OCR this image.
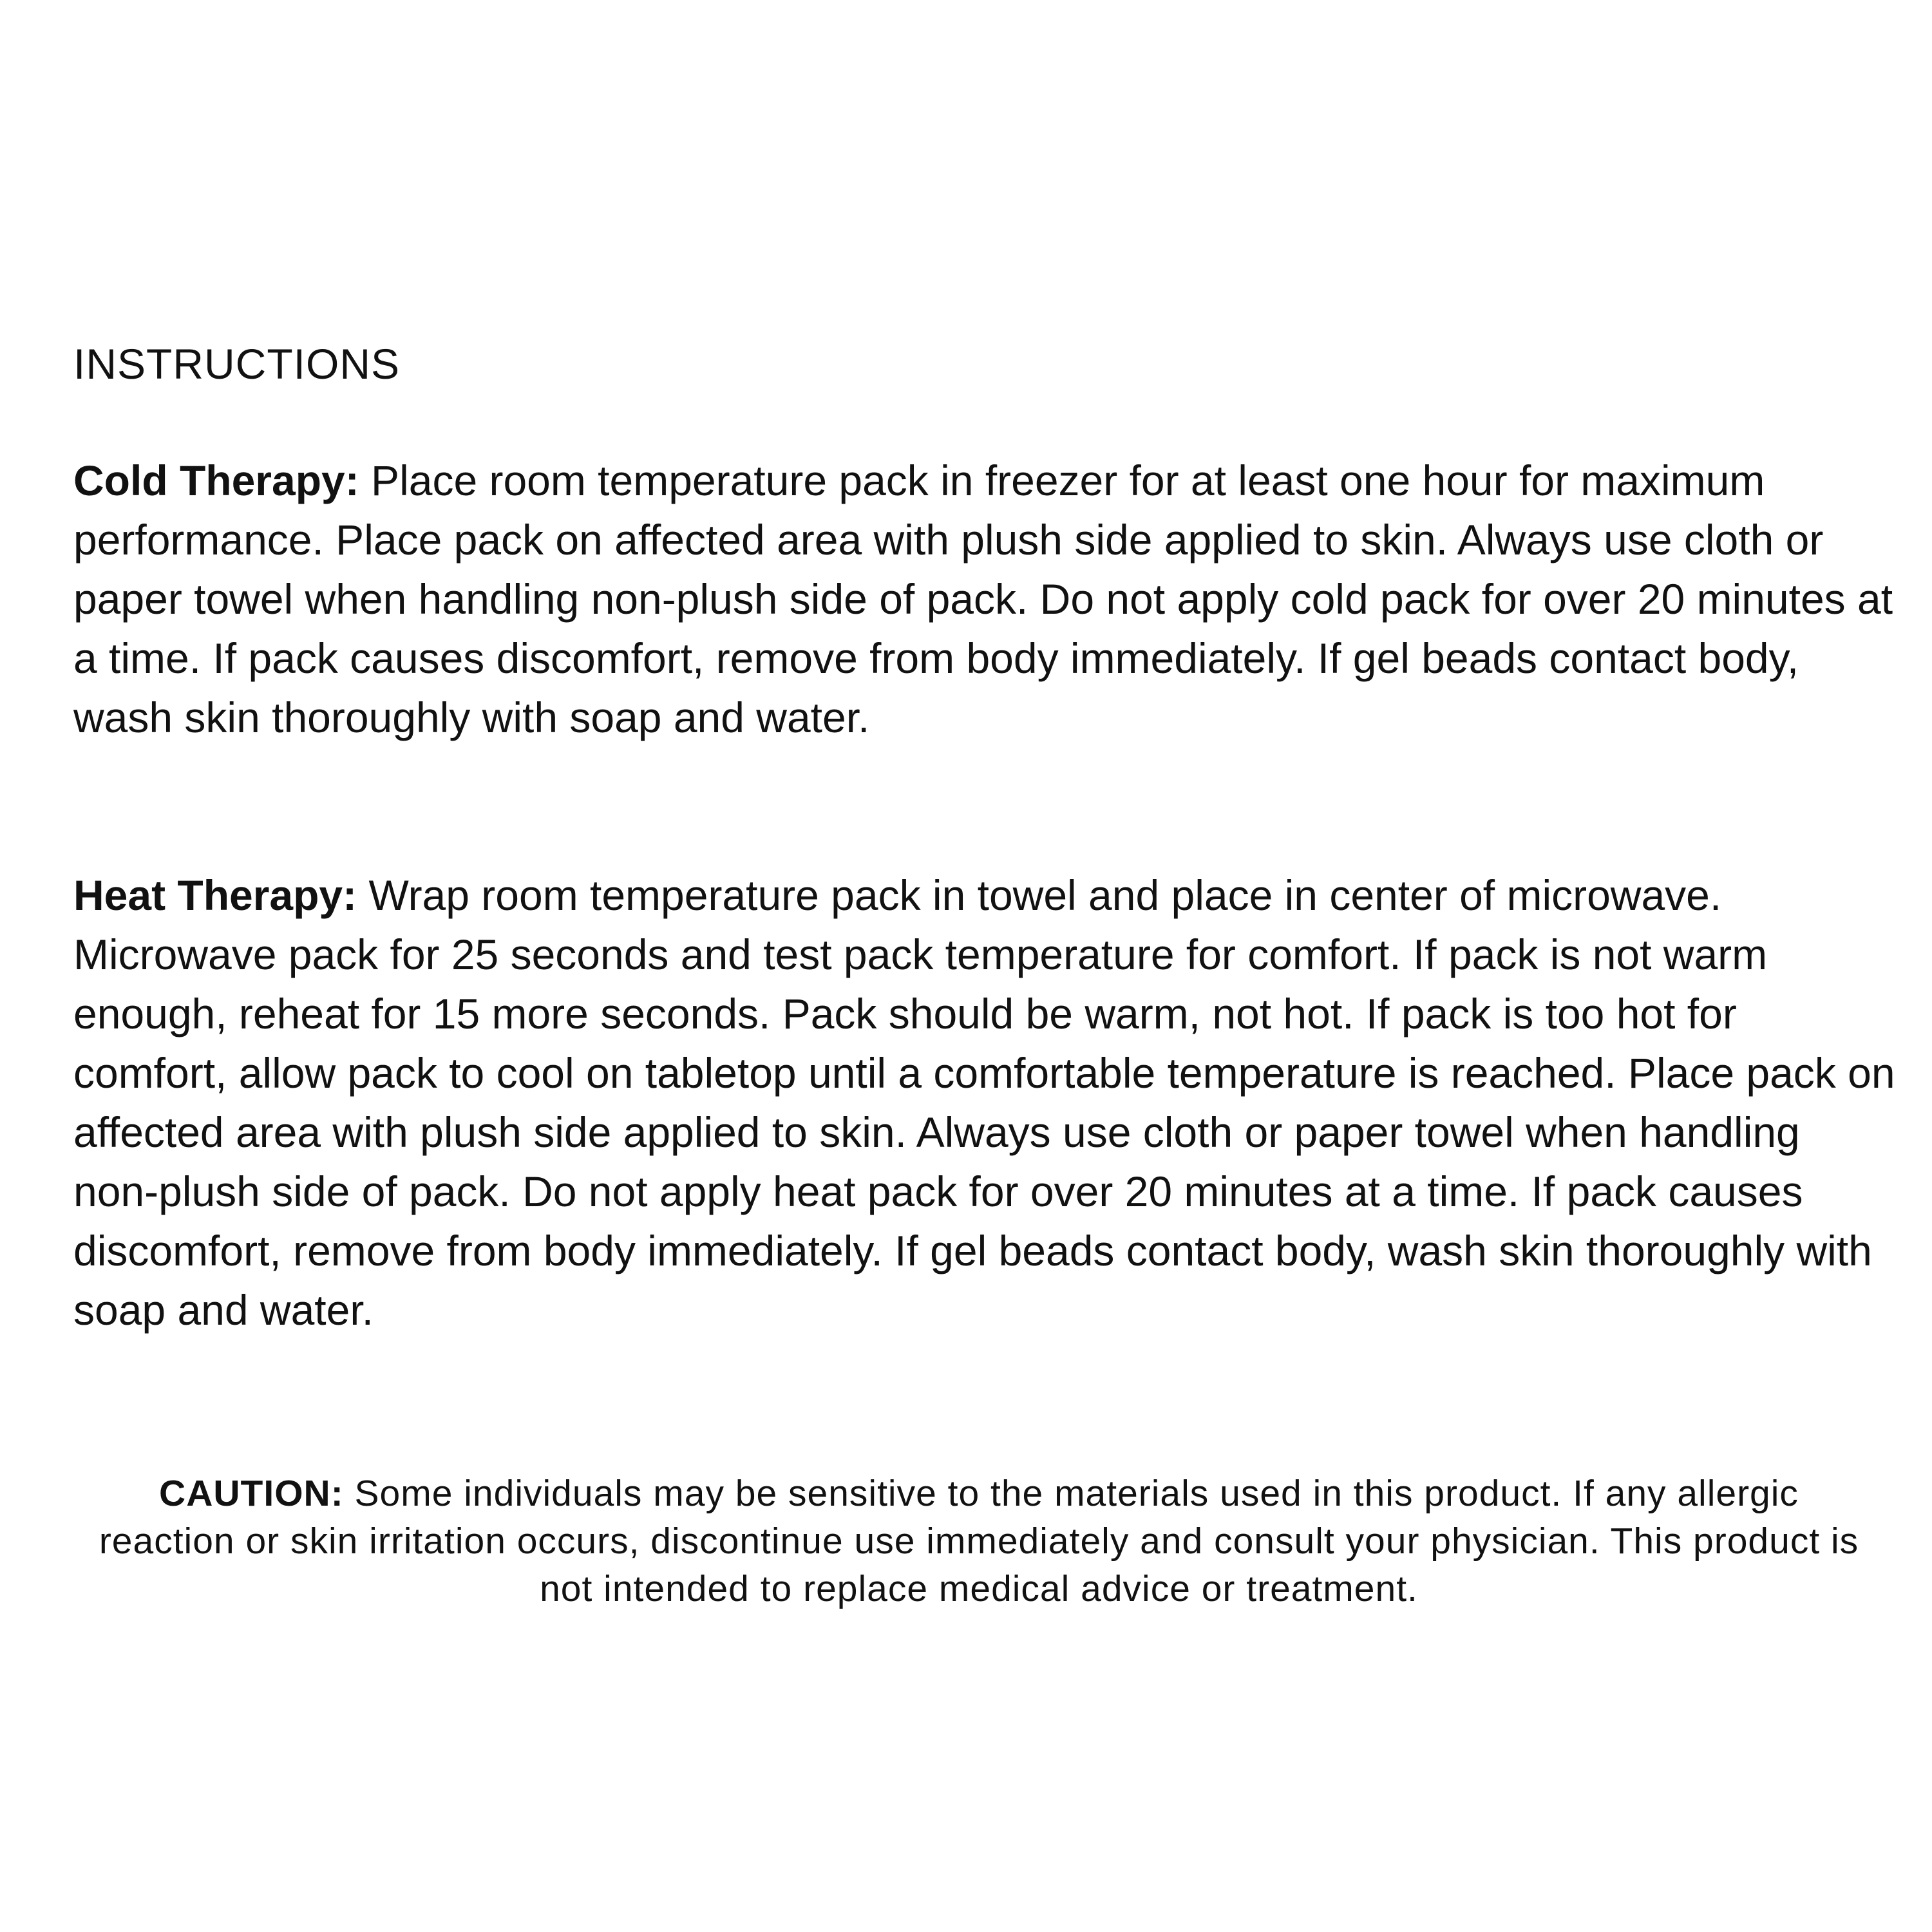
INSTRUCTIONS

Cold Therapy: Place room temperature pack in freezer for at least one hour for maximum performance. Place pack on affected area with plush side applied to skin. Always use cloth or paper towel when handling non-plush side of pack. Do not apply cold pack for over 20 minutes at a time. If pack causes discomfort, remove from body immediately. If gel beads contact body, wash skin thoroughly with soap and water.

Heat Therapy: Wrap room temperature pack in towel and place in center of microwave. Microwave pack for 25 seconds and test pack temperature for comfort. If pack is not warm enough, reheat for 15 more seconds. Pack should be warm, not hot. If pack is too hot for comfort, allow pack to cool on tabletop until a comfortable temperature is reached. Place pack on affected area with plush side applied to skin. Always use cloth or paper towel when handling non-plush side of pack. Do not apply heat pack for over 20 minutes at a time. If pack causes discomfort, remove from body immediately. If gel beads contact body, wash skin thoroughly with soap and water.

CAUTION: Some individuals may be sensitive to the materials used in this product. If any allergic reaction or skin irritation occurs, discontinue use immediately and consult your physician. This product is not intended to replace medical advice or treatment.
